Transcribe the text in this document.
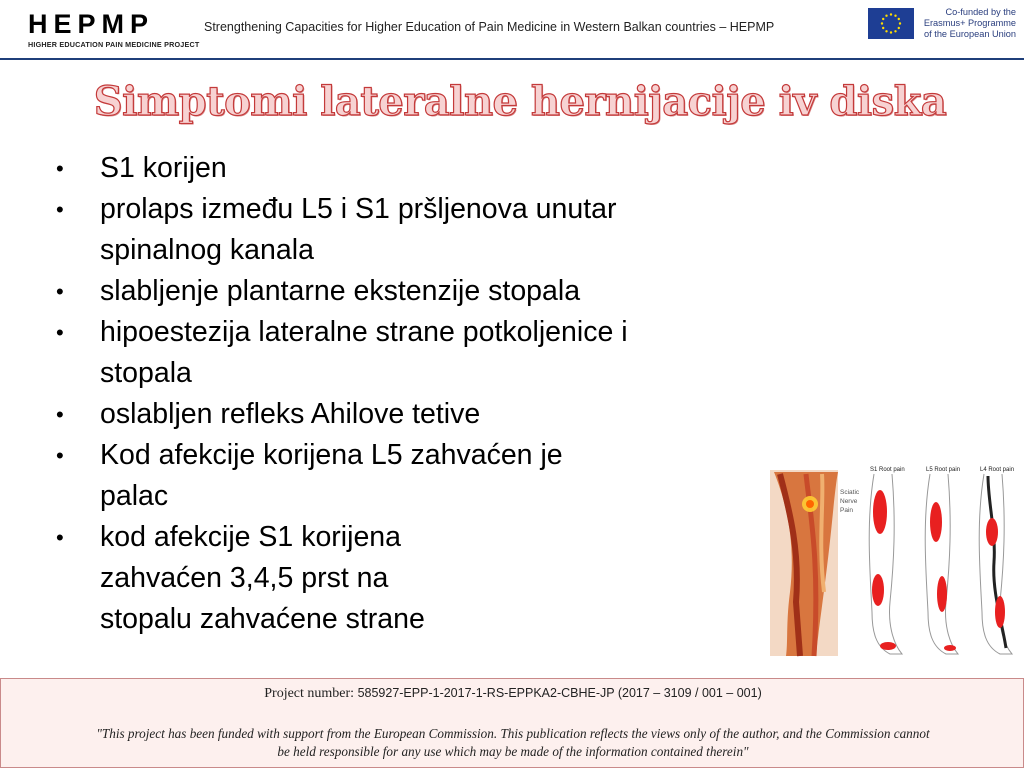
HEPMP
HIGHER EDUCATION PAIN MEDICINE PROJECT
Strengthening Capacities for Higher Education of Pain Medicine in Western Balkan countries – HEPMP
Co-funded by the
Erasmus+ Programme
of the European Union
Simptomi lateralne hernijacije iv diska
• S1 korijen
• prolaps između L5 i S1 pršljenova unutar
spinalnog kanala
• slabljenje plantarne ekstenzije stopala
• hipoestezija lateralne strane potkoljenice i
stopala
• oslabljen refleks Ahilove tetive
• Kod afekcije korijena L5 zahvaćen je
palac
• kod afekcije S1 korijena
zahvaćen 3,4,5 prst na
stopalu zahvaćene strane
Sciatic
Nerve
Pain
S1 Root pain	L5 Root pain	L4 Root pain
Project number: 585927-EPP-1-2017-1-RS-EPPKA2-CBHE-JP (2017 – 3109 / 001 – 001)
"This project has been funded with support from the European Commission. This publication reflects the views only of the author, and the Commission cannot
be held responsible for any use which may be made of the information contained therein"
